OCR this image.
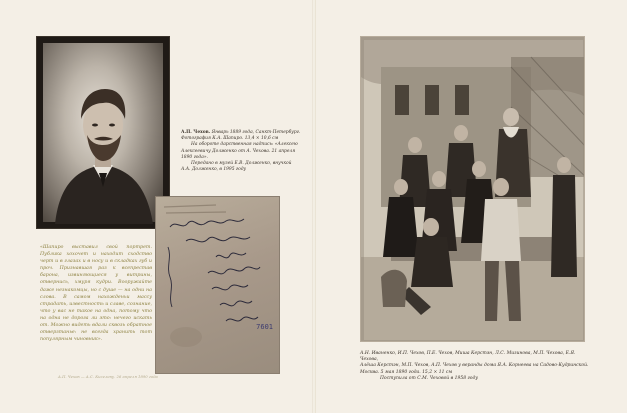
А.П. Чехов. Январь 1889 года, Санкт-Петербург.

Фотография К.А. Шапиро. 13,4 × 10,6 см

На обороте дарственная надпись: «Алексею

Алексеевичу Долженко от А. Чехова. 21 апреля

1890 года».

Передано в музей Е.В. Долженко, внучкой

А.А. Долженко, в 1995 году

7601
«Шапиро выставил свой портрет. Публика хохочет и находит сходство черт и в глазах и в носу и в складках губ и проч. Признавшая раз к всепрестав барона, извиняющиеся у витрины, отвернись, хмуря кудри. Вооружайте даже незнакомцы, но с душе — на одни на слова. В самом нахожденьи массу страдать, известность и славе, сознание, что у вас не такое на одна, потому что на одна не дорога ли это: нечего искать от. Можно видеть вдали сквозь обратное отверзтанье: не всегда хранить тот популярным чиновник».
А.П. Чехов — А.С. Киселеву. 26 апреля 1890 года

А.Н. Иваненко, И.П. Чехов, П.Е. Чехов, Миша Керстэн, Л.С. Мизинова, М.П. Чехова, Е.Я. Чехова,

Алёша Керстэн, М.П. Чехов, А.П. Чехов у веранды дома Я.А. Корнеева на Садово-Кудринской.

Москва. 5 мая 1890 года. 15,2 × 11 см

Поступила от С.М. Чеховой в 1958 году
